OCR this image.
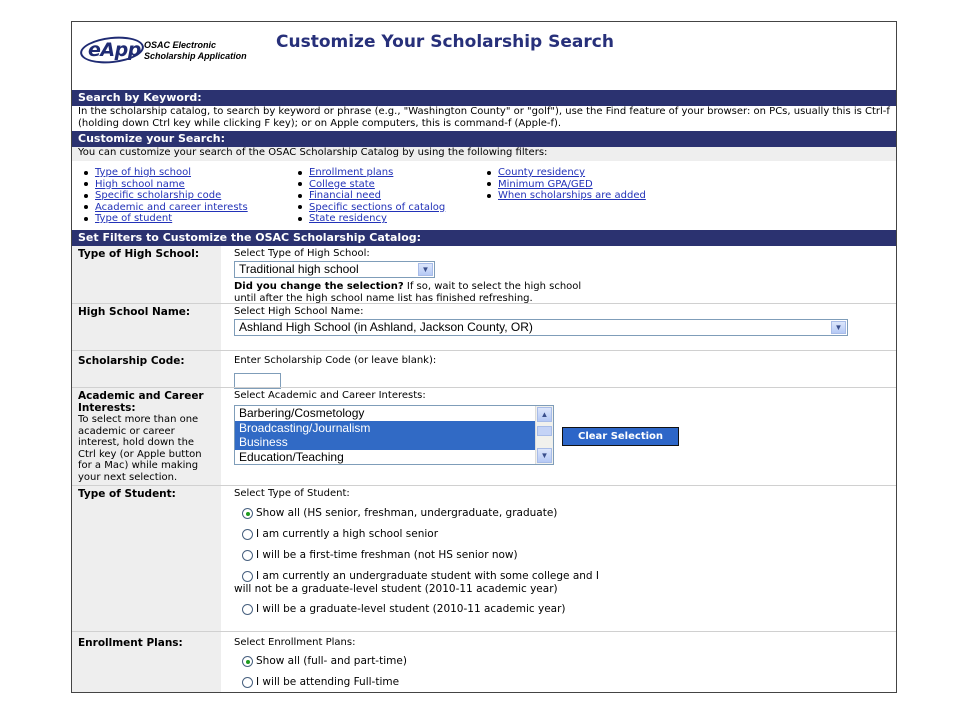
eApp OSAC Electronic
Scholarship Application
Customize Your Scholarship Search
Search by Keyword:
In the scholarship catalog, to search by keyword or phrase (e.g., "Washington County" or "golf"), use the Find feature of your browser: on PCs, usually this is Ctrl-f (holding down Ctrl key while clicking F key); or on Apple computers, this is command-f (Apple-f).
Customize your Search:
You can customize your search of the OSAC Scholarship Catalog by using the following filters:
Type of high school
High school name
Specific scholarship code
Academic and career interests
Type of student
Enrollment plans
College state
Financial need
Specific sections of catalog
State residency
County residency
Minimum GPA/GED
When scholarships are added
Set Filters to Customize the OSAC Scholarship Catalog:
Type of High School:	Select Type of High School:
Traditional high school	▼
Did you change the selection? If so, wait to select the high school
until after the high school name list has finished refreshing.
High School Name:	Select High School Name:
Ashland High School (in Ashland, Jackson County, OR)	▼
Scholarship Code:	Enter Scholarship Code (or leave blank):
Academic and Career Interests:
To select more than one academic or career interest, hold down the Ctrl key (or Apple button for a Mac) while making your next selection.
Select Academic and Career Interests:
Barbering/Cosmetology
Broadcasting/Journalism
Business
Education/Teaching
▲
▼
Clear Selection
Type of Student:	Select Type of Student:
Show all (HS senior, freshman, undergraduate, graduate)
I am currently a high school senior
I will be a first-time freshman (not HS senior now)
I am currently an undergraduate student with some college and I
will not be a graduate-level student (2010-11 academic year)
I will be a graduate-level student (2010-11 academic year)
Enrollment Plans:	Select Enrollment Plans:
Show all (full- and part-time)
I will be attending Full-time
